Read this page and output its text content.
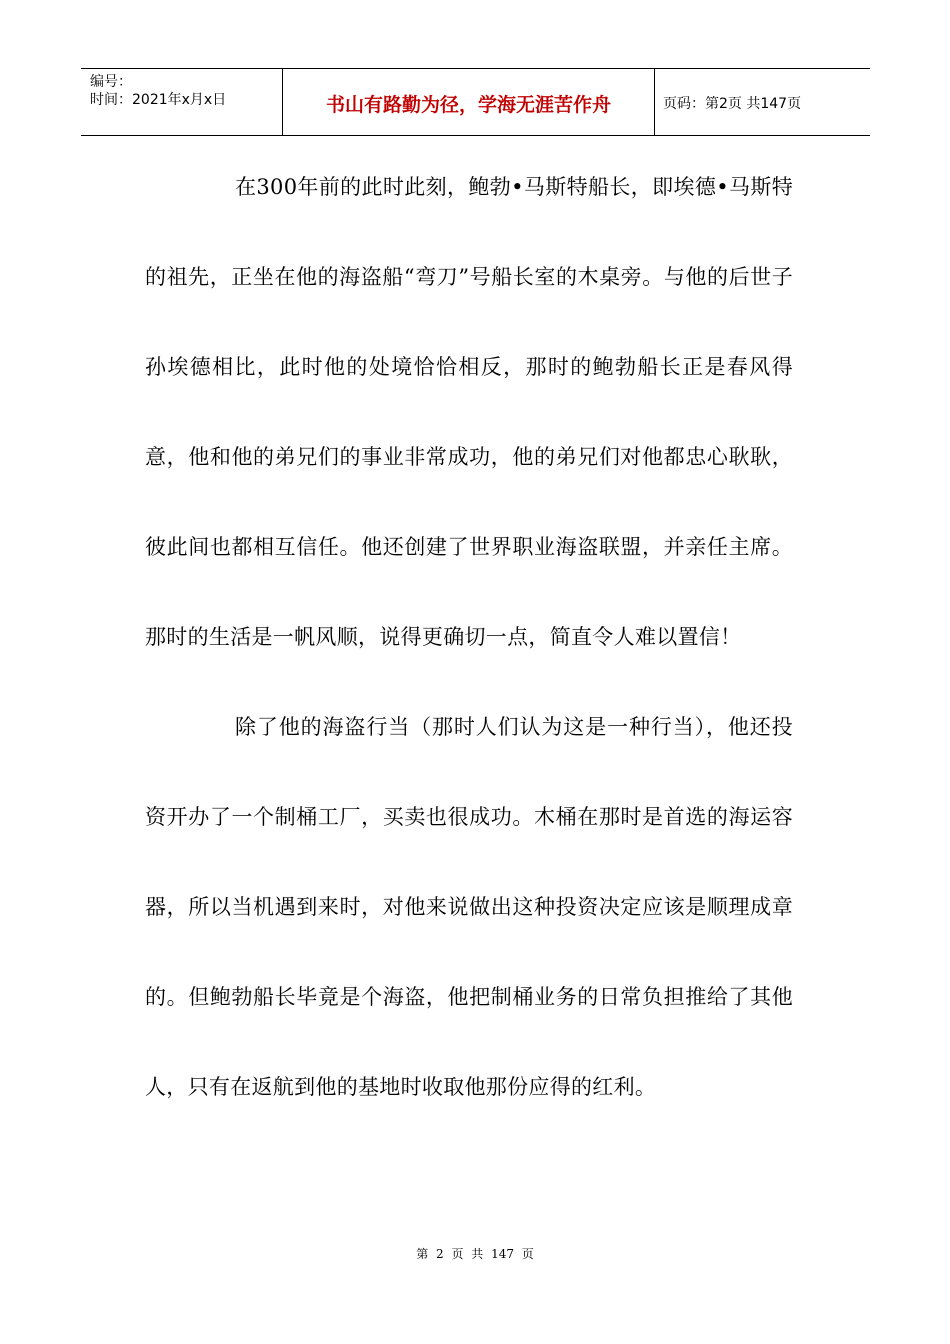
编号：
时间：2021年x月x日	书山有路勤为径，学海无涯苦作舟	页码：第2页 共147页

在300年前的此时此刻，鲍勃•马斯特船长，即埃德•马斯特的祖先，正坐在他的海盗船“弯刀”号船长室的木桌旁。与他的后世子孙埃德相比，此时他的处境恰恰相反，那时的鲍勃船长正是春风得意，他和他的弟兄们的事业非常成功，他的弟兄们对他都忠心耿耿，彼此间也都相互信任。他还创建了世界职业海盗联盟，并亲任主席。那时的生活是一帆风顺，说得更确切一点，简直令人难以置信！

除了他的海盗行当（那时人们认为这是一种行当），他还投资开办了一个制桶工厂，买卖也很成功。木桶在那时是首选的海运容器，所以当机遇到来时，对他来说做出这种投资决定应该是顺理成章的。但鲍勃船长毕竟是个海盗，他把制桶业务的日常负担推给了其他人，只有在返航到他的基地时收取他那份应得的红利。

第 2 页 共 147 页
